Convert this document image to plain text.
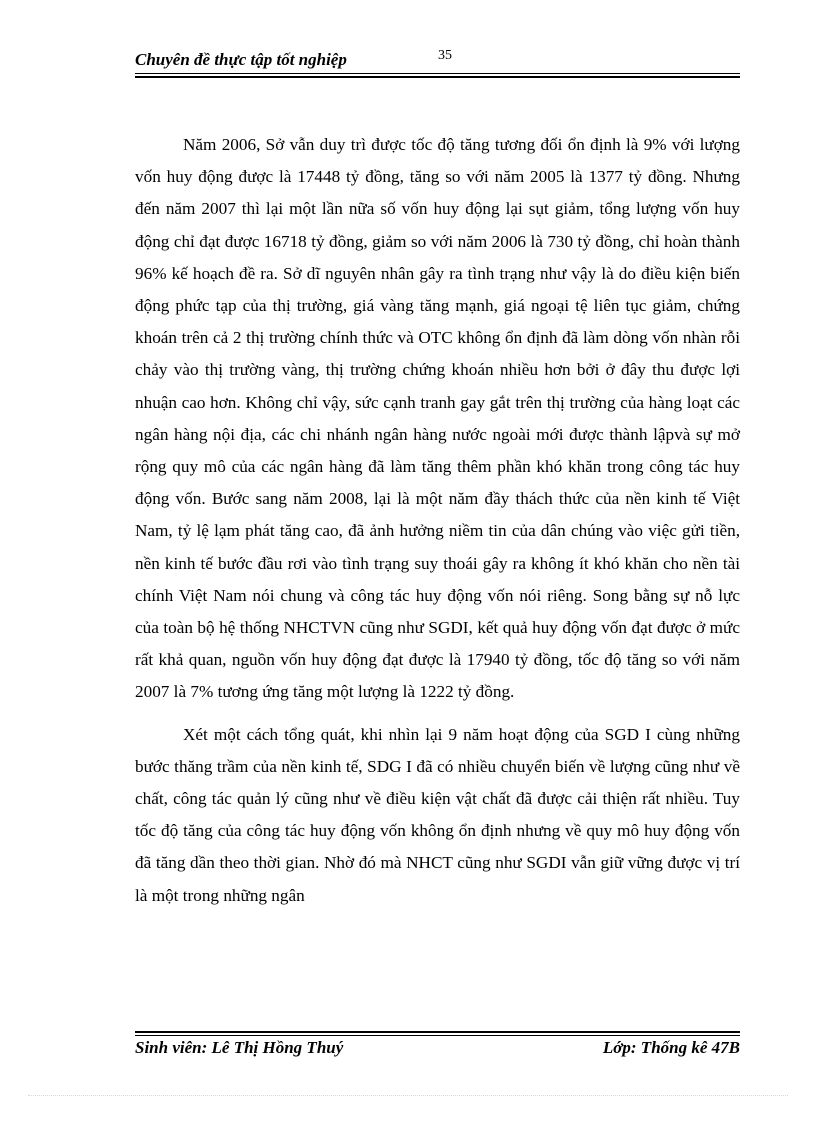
Chuyên đề thực tập tốt nghiệp	35

Năm 2006, Sở vẫn duy trì được tốc độ tăng tương đối ổn định là 9% với lượng vốn huy động được là 17448 tỷ đồng, tăng so với năm 2005 là 1377 tỷ đồng. Nhưng đến năm 2007 thì lại một lần nữa số vốn huy động lại sụt giảm, tổng lượng vốn huy động chỉ đạt được 16718 tỷ đồng, giảm so với năm 2006 là 730 tỷ đồng, chỉ hoàn thành 96% kế hoạch đề ra. Sở dĩ nguyên nhân gây ra tình trạng như vậy là do điều kiện biến động phức tạp của thị trường, giá vàng tăng mạnh, giá ngoại tệ liên tục giảm, chứng khoán trên cả 2 thị trường chính thức và OTC không ổn định đã làm dòng vốn nhàn rỗi chảy vào thị trường vàng, thị trường chứng khoán nhiều hơn bởi ở đây thu được lợi nhuận cao hơn. Không chỉ vậy, sức cạnh tranh gay gắt trên thị trường của hàng loạt các ngân hàng nội địa, các chi nhánh ngân hàng nước ngoài mới được thành lậpvà sự mở rộng quy mô của các ngân hàng đã làm tăng thêm phần khó khăn trong công tác huy động vốn. Bước sang năm 2008, lại là một năm đầy thách thức của nền kinh tế Việt Nam, tỷ lệ lạm phát tăng cao, đã ảnh hưởng niềm tin của dân chúng vào việc gửi tiền, nền kinh tế bước đầu rơi vào tình trạng suy thoái gây ra không ít khó khăn cho nền tài chính Việt Nam nói chung và công tác huy động vốn nói riêng. Song bằng sự nỗ lực của toàn bộ hệ thống NHCTVN cũng như SGDI, kết quả huy động vốn đạt được ở mức rất khả quan, nguồn vốn huy động đạt được là 17940 tỷ đồng, tốc độ tăng so với năm 2007 là 7% tương ứng tăng một lượng là 1222 tỷ đồng.

Xét một cách tổng quát, khi nhìn lại 9 năm hoạt động của SGD I cùng những bước thăng trầm của nền kinh tế, SDG I đã có nhiều chuyển biến về lượng cũng như về chất, công tác quản lý cũng như về điều kiện vật chất đã được cải thiện rất nhiều. Tuy tốc độ tăng của công tác huy động vốn không ổn định nhưng về quy mô huy động vốn đã tăng dần theo thời gian. Nhờ đó mà NHCT cũng như SGDI vẫn giữ vững được vị trí là một trong những ngân

Sinh viên: Lê Thị Hồng Thuý	Lớp: Thống kê 47B
